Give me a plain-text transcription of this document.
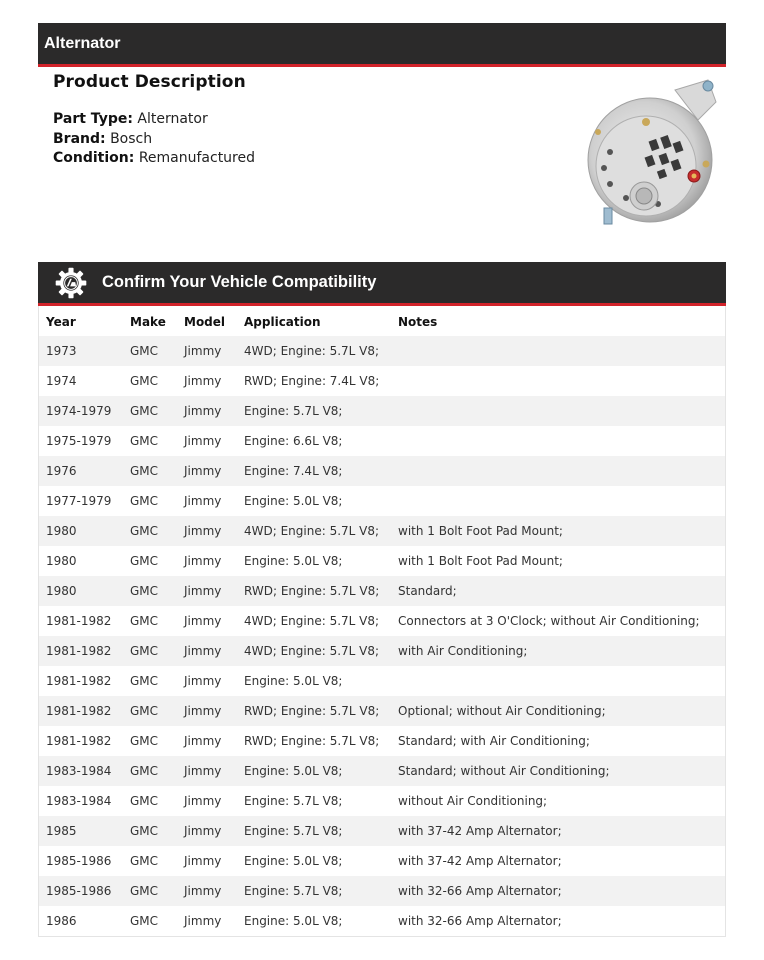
Alternator
Product Description
Part Type: Alternator
Brand: Bosch
Condition: Remanufactured
Confirm Your Vehicle Compatibility
Year	Make	Model	Application	Notes
1973	GMC	Jimmy	4WD; Engine: 5.7L V8;	
1974	GMC	Jimmy	RWD; Engine: 7.4L V8;	
1974-1979	GMC	Jimmy	Engine: 5.7L V8;	
1975-1979	GMC	Jimmy	Engine: 6.6L V8;	
1976	GMC	Jimmy	Engine: 7.4L V8;	
1977-1979	GMC	Jimmy	Engine: 5.0L V8;	
1980	GMC	Jimmy	4WD; Engine: 5.7L V8;	with 1 Bolt Foot Pad Mount;
1980	GMC	Jimmy	Engine: 5.0L V8;	with 1 Bolt Foot Pad Mount;
1980	GMC	Jimmy	RWD; Engine: 5.7L V8;	Standard;
1981-1982	GMC	Jimmy	4WD; Engine: 5.7L V8;	Connectors at 3 O'Clock; without Air Conditioning;
1981-1982	GMC	Jimmy	4WD; Engine: 5.7L V8;	with Air Conditioning;
1981-1982	GMC	Jimmy	Engine: 5.0L V8;	
1981-1982	GMC	Jimmy	RWD; Engine: 5.7L V8;	Optional; without Air Conditioning;
1981-1982	GMC	Jimmy	RWD; Engine: 5.7L V8;	Standard; with Air Conditioning;
1983-1984	GMC	Jimmy	Engine: 5.0L V8;	Standard; without Air Conditioning;
1983-1984	GMC	Jimmy	Engine: 5.7L V8;	without Air Conditioning;
1985	GMC	Jimmy	Engine: 5.7L V8;	with 37-42 Amp Alternator;
1985-1986	GMC	Jimmy	Engine: 5.0L V8;	with 37-42 Amp Alternator;
1985-1986	GMC	Jimmy	Engine: 5.7L V8;	with 32-66 Amp Alternator;
1986	GMC	Jimmy	Engine: 5.0L V8;	with 32-66 Amp Alternator;
